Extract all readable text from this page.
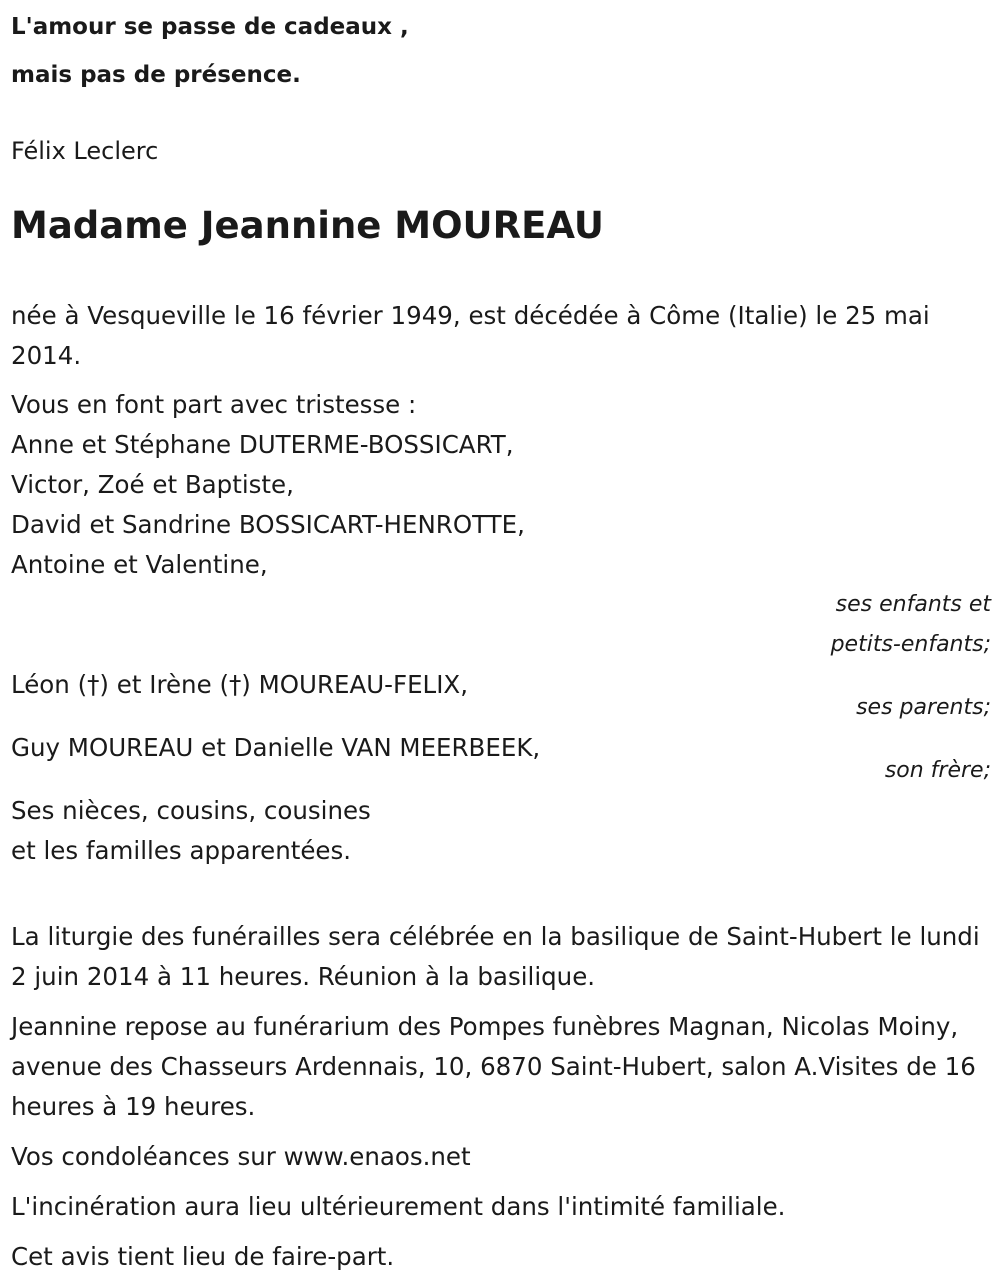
L'amour se passe de cadeaux ,
mais pas de présence.

Félix Leclerc

Madame Jeannine MOUREAU

née à Vesqueville le 16 février 1949, est décédée à Côme (Italie) le 25 mai 2014.

Vous en font part avec tristesse :
Anne et Stéphane DUTERME-BOSSICART,
Victor, Zoé et Baptiste,
David et Sandrine BOSSICART-HENROTTE,
Antoine et Valentine,
ses enfants et
petits-enfants;
Léon (†) et Irène (†) MOUREAU-FELIX,
ses parents;
Guy MOUREAU et Danielle VAN MEERBEEK,
son frère;
Ses nièces, cousins, cousines
et les familles apparentées.

La liturgie des funérailles sera célébrée en la basilique de Saint-Hubert le lundi 2 juin 2014 à 11 heures. Réunion à la basilique.

Jeannine repose au funérarium des Pompes funèbres Magnan, Nicolas Moiny, avenue des Chasseurs Ardennais, 10, 6870 Saint-Hubert, salon A.Visites de 16 heures à 19 heures.

Vos condoléances sur www.enaos.net

L'incinération aura lieu ultérieurement dans l'intimité familiale.

Cet avis tient lieu de faire-part.
